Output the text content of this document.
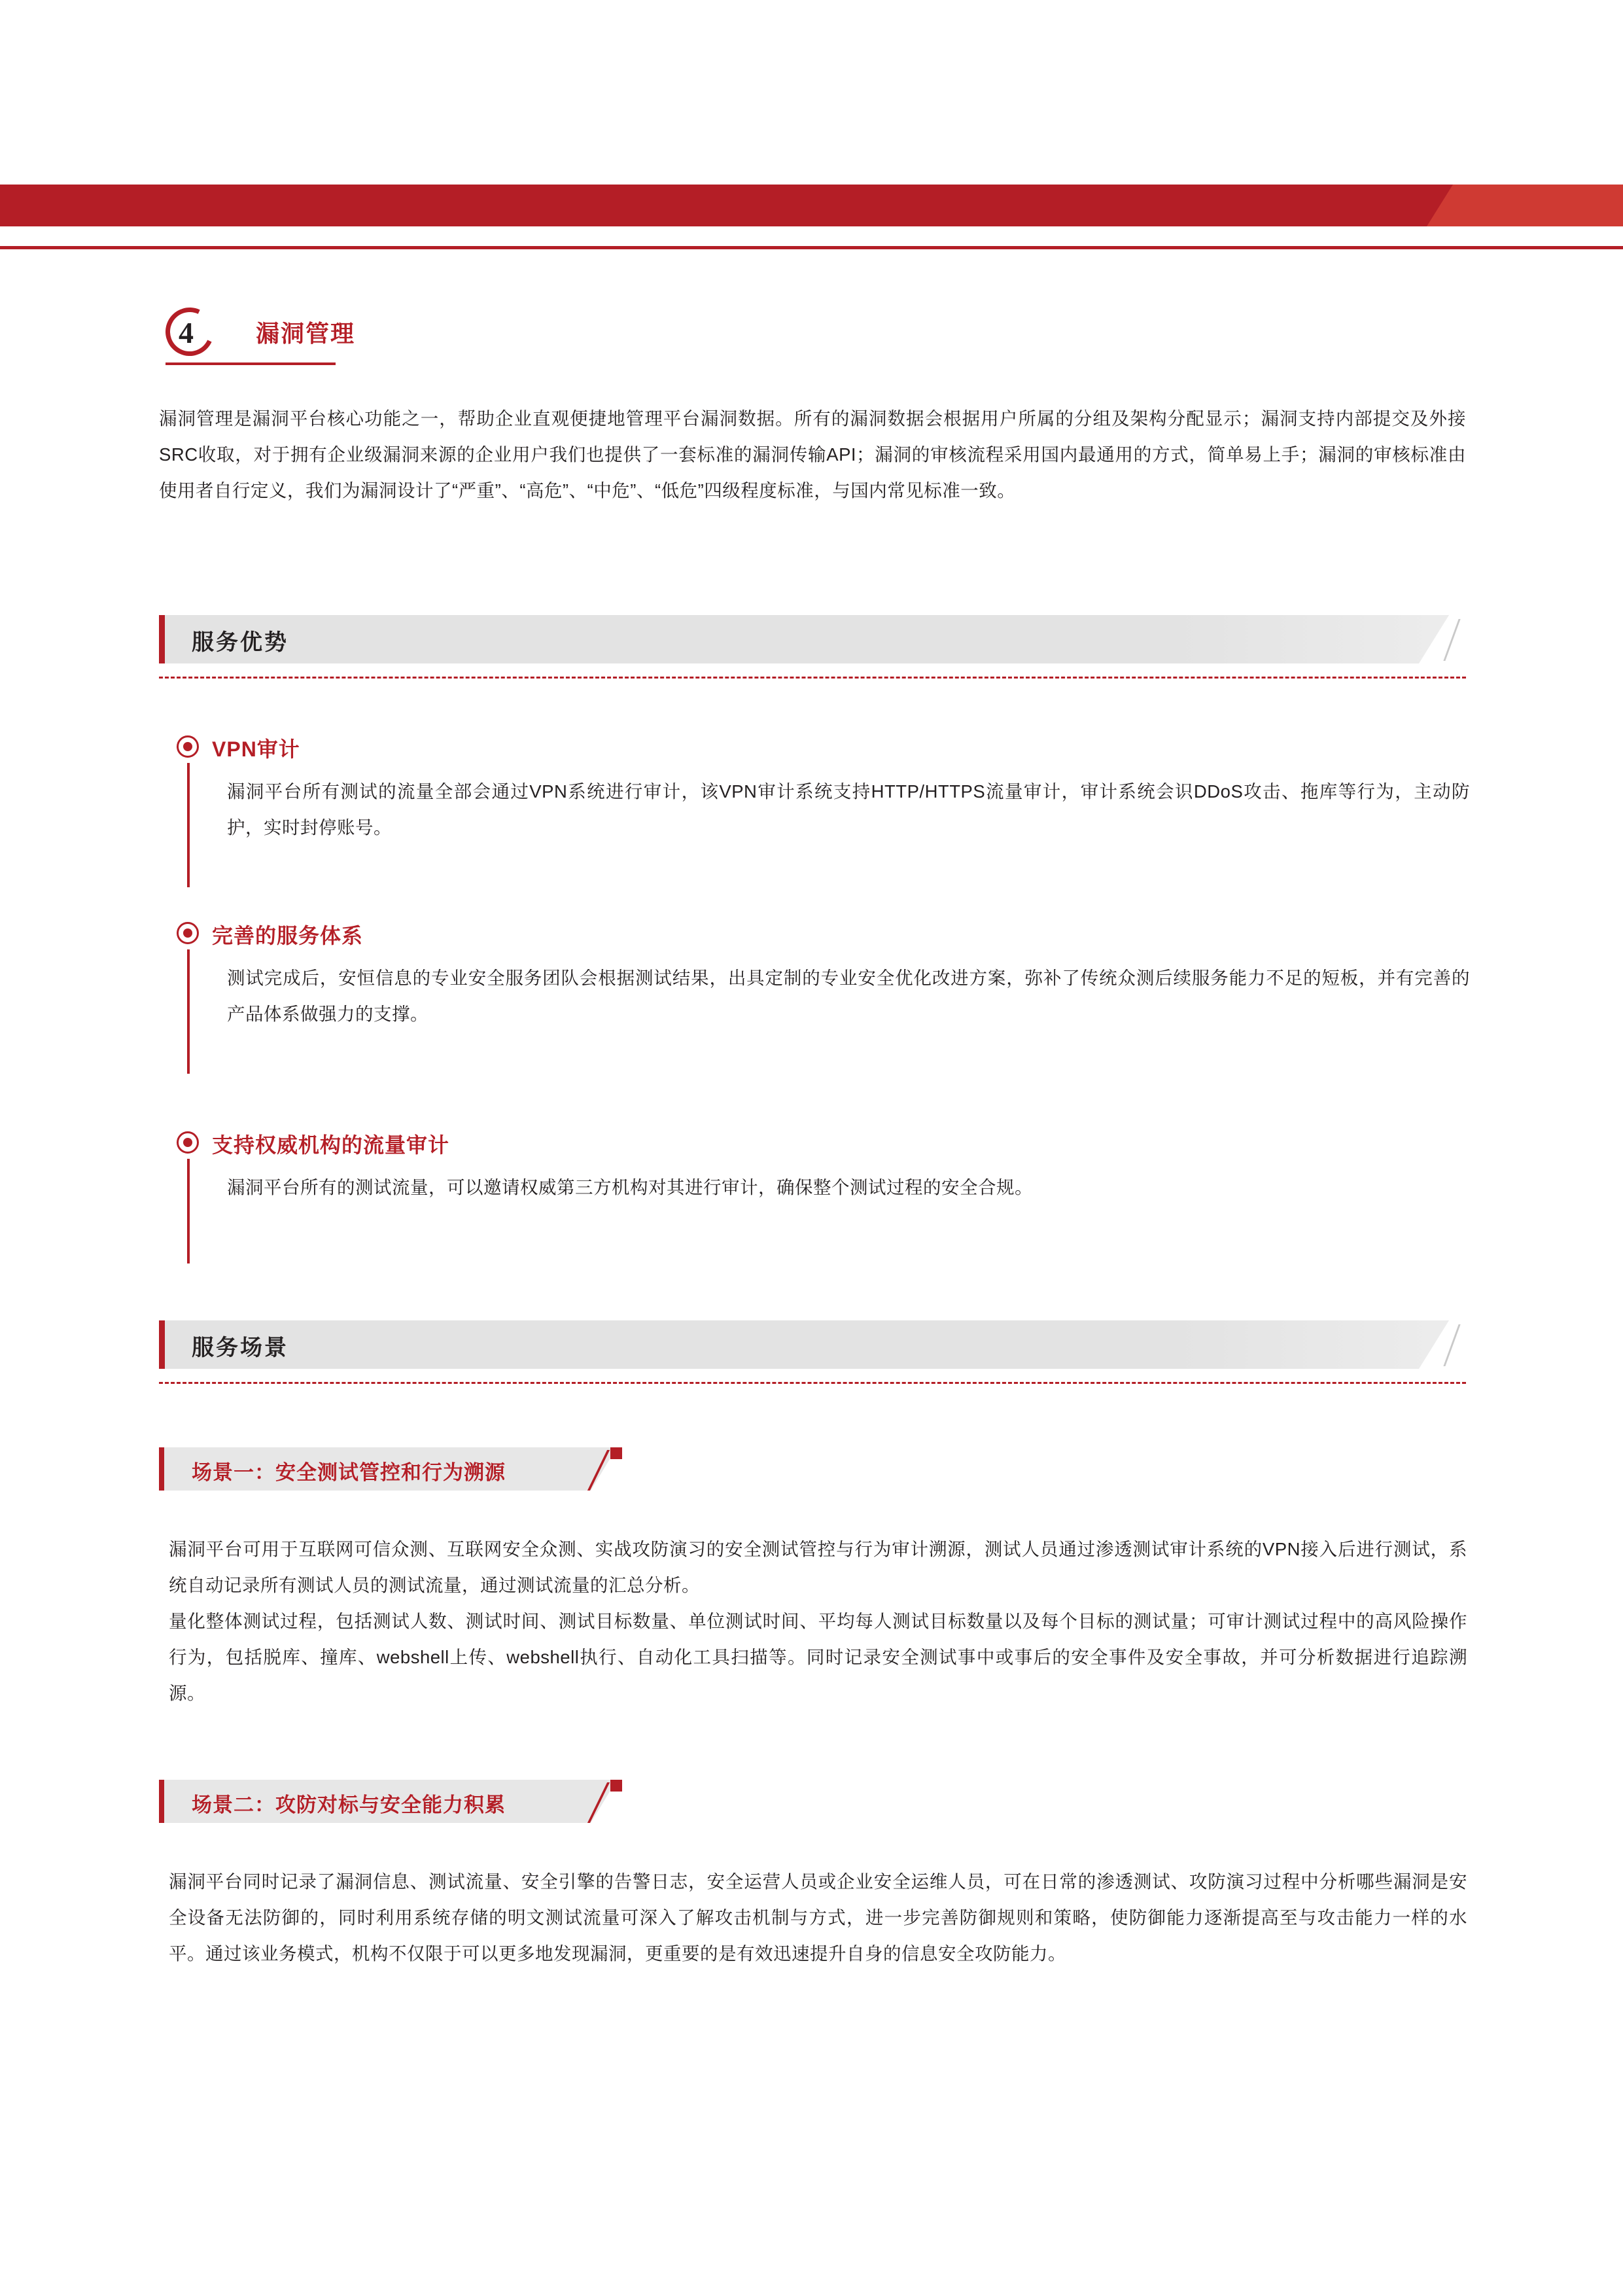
4	漏洞管理
漏洞管理是漏洞平台核心功能之一，帮助企业直观便捷地管理平台漏洞数据。所有的漏洞数据会根据用户所属的分组及架构分配显示；漏洞支持内部提交及外接SRC收取，对于拥有企业级漏洞来源的企业用户我们也提供了一套标准的漏洞传输API；漏洞的审核流程采用国内最通用的方式，简单易上手；漏洞的审核标准由使用者自行定义，我们为漏洞设计了“严重”、“高危”、“中危”、“低危”四级程度标准，与国内常见标准一致。
服务优势
VPN审计
漏洞平台所有测试的流量全部会通过VPN系统进行审计，该VPN审计系统支持HTTP/HTTPS流量审计，审计系统会识DDoS攻击、拖库等行为，主动防护，实时封停账号。
完善的服务体系
测试完成后，安恒信息的专业安全服务团队会根据测试结果，出具定制的专业安全优化改进方案，弥补了传统众测后续服务能力不足的短板，并有完善的产品体系做强力的支撑。
支持权威机构的流量审计
漏洞平台所有的测试流量，可以邀请权威第三方机构对其进行审计，确保整个测试过程的安全合规。
服务场景
场景一：安全测试管控和行为溯源

漏洞平台可用于互联网可信众测、互联网安全众测、实战攻防演习的安全测试管控与行为审计溯源，测试人员通过渗透测试审计系统的VPN接入后进行测试，系统自动记录所有测试人员的测试流量，通过测试流量的汇总分析。

量化整体测试过程，包括测试人数、测试时间、测试目标数量、单位测试时间、平均每人测试目标数量以及每个目标的测试量；可审计测试过程中的高风险操作行为，包括脱库、撞库、webshell上传、webshell执行、自动化工具扫描等。同时记录安全测试事中或事后的安全事件及安全事故，并可分析数据进行追踪溯源。

场景二：攻防对标与安全能力积累

漏洞平台同时记录了漏洞信息、测试流量、安全引擎的告警日志，安全运营人员或企业安全运维人员，可在日常的渗透测试、攻防演习过程中分析哪些漏洞是安全设备无法防御的，同时利用系统存储的明文测试流量可深入了解攻击机制与方式，进一步完善防御规则和策略，使防御能力逐渐提高至与攻击能力一样的水平。通过该业务模式，机构不仅限于可以更多地发现漏洞，更重要的是有效迅速提升自身的信息安全攻防能力。
